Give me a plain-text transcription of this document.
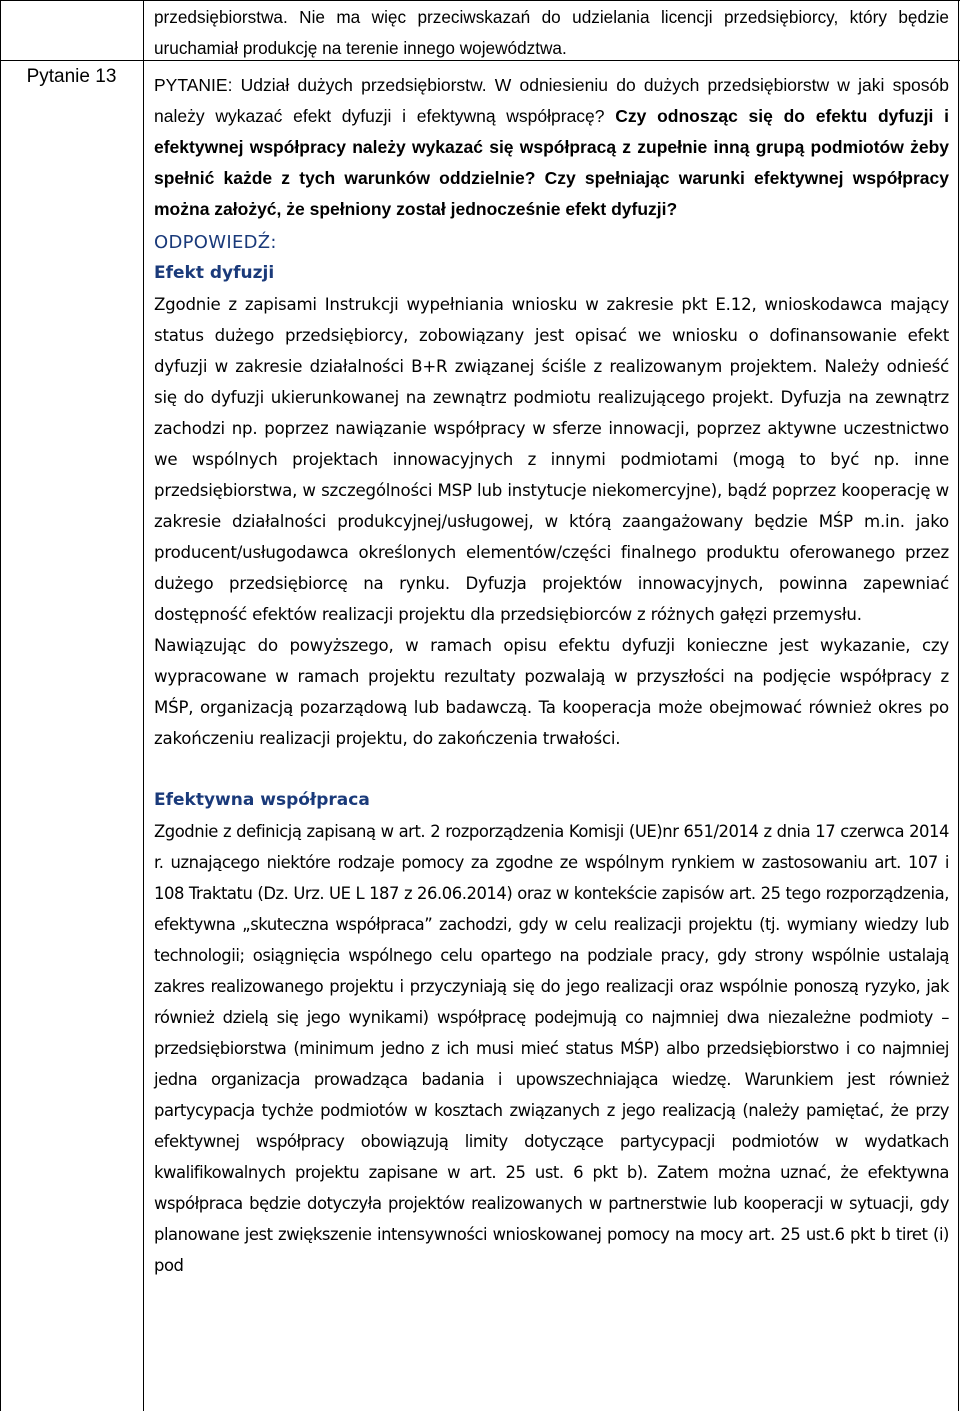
Pytanie 13

przedsiębiorstwa. Nie ma więc przeciwskazań do udzielania licencji przedsiębiorcy, który będzie uruchamiał produkcję na terenie innego województwa.

PYTANIE: Udział dużych przedsiębiorstw. W odniesieniu do dużych przedsiębiorstw w jaki sposób należy wykazać efekt dyfuzji i efektywną współpracę? Czy odnosząc się do efektu dyfuzji i efektywnej współpracy należy wykazać się współpracą z zupełnie inną grupą podmiotów żeby spełnić każde z tych warunków oddzielnie? Czy spełniając warunki efektywnej współpracy można założyć, że spełniony został jednocześnie efekt dyfuzji?

ODPOWIEDŹ:

Efekt dyfuzji

Zgodnie z zapisami Instrukcji wypełniania wniosku w zakresie pkt E.12, wnioskodawca mający status dużego przedsiębiorcy, zobowiązany jest opisać we wniosku o dofinansowanie efekt dyfuzji w zakresie działalności B+R związanej ściśle z realizowanym projektem. Należy odnieść się do dyfuzji ukierunkowanej na zewnątrz podmiotu realizującego projekt. Dyfuzja na zewnątrz zachodzi np. poprzez nawiązanie współpracy w sferze innowacji, poprzez aktywne uczestnictwo we wspólnych projektach innowacyjnych z innymi podmiotami (mogą to być np. inne przedsiębiorstwa, w szczególności MSP lub instytucje niekomercyjne), bądź poprzez kooperację w zakresie działalności produkcyjnej/usługowej, w którą zaangażowany będzie MŚP m.in. jako producent/usługodawca określonych elementów/części finalnego produktu oferowanego przez dużego przedsiębiorcę na rynku. Dyfuzja projektów innowacyjnych, powinna zapewniać dostępność efektów realizacji projektu dla przedsiębiorców z różnych gałęzi przemysłu.

Nawiązując do powyższego, w ramach opisu efektu dyfuzji konieczne jest wykazanie, czy wypracowane w ramach projektu rezultaty pozwalają w przyszłości na podjęcie współpracy z MŚP, organizacją pozarządową lub badawczą. Ta kooperacja może obejmować również okres po zakończeniu realizacji projektu, do zakończenia trwałości.

Efektywna współpraca

Zgodnie z definicją zapisaną w art. 2 rozporządzenia Komisji (UE)nr 651/2014 z dnia 17 czerwca 2014 r. uznającego niektóre rodzaje pomocy za zgodne ze wspólnym rynkiem w zastosowaniu art. 107 i 108 Traktatu (Dz. Urz. UE L 187 z 26.06.2014) oraz w kontekście zapisów art. 25 tego rozporządzenia, efektywna „skuteczna współpraca” zachodzi, gdy w celu realizacji projektu (tj. wymiany wiedzy lub technologii; osiągnięcia wspólnego celu opartego na podziale pracy, gdy strony wspólnie ustalają zakres realizowanego projektu i przyczyniają się do jego realizacji oraz wspólnie ponoszą ryzyko, jak również dzielą się jego wynikami) współpracę podejmują co najmniej dwa niezależne podmioty – przedsiębiorstwa (minimum jedno z ich musi mieć status MŚP) albo przedsiębiorstwo i co najmniej jedna organizacja prowadząca badania i upowszechniająca wiedzę. Warunkiem jest również partycypacja tychże podmiotów w kosztach związanych z jego realizacją (należy pamiętać, że przy efektywnej współpracy obowiązują limity dotyczące partycypacji podmiotów w wydatkach kwalifikowalnych projektu zapisane w art. 25 ust. 6 pkt b). Zatem można uznać, że efektywna współpraca będzie dotyczyła projektów realizowanych w partnerstwie lub kooperacji w sytuacji, gdy planowane jest zwiększenie intensywności wnioskowanej pomocy na mocy art. 25 ust.6 pkt b tiret (i) pod
